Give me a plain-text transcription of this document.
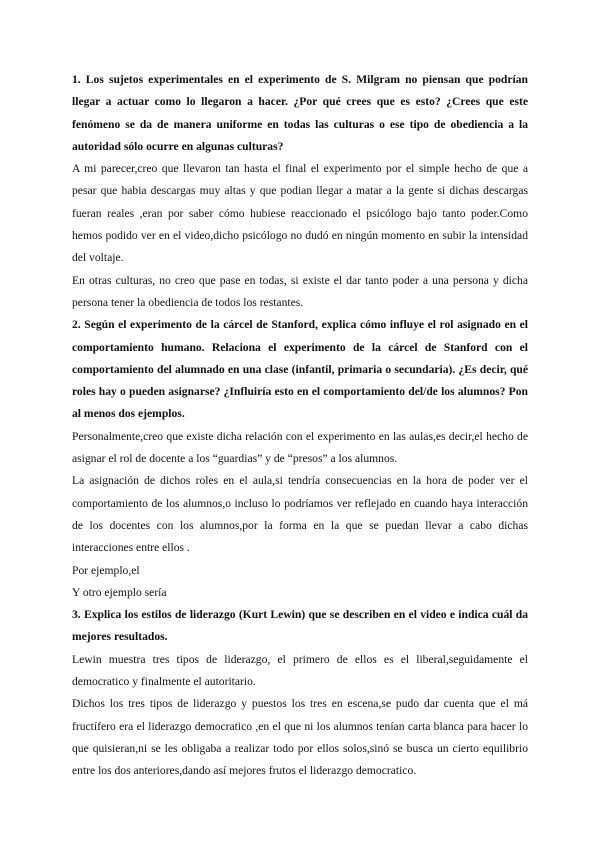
1. Los sujetos experimentales en el experimento de S. Milgram no piensan que podrían llegar a actuar como lo llegaron a hacer. ¿Por qué crees que es esto? ¿Crees que este fenómeno se da de manera uniforme en todas las culturas o ese tipo de obediencia a la autoridad sólo ocurre en algunas culturas?

A mi parecer,creo que llevaron tan hasta el final el experimento por el simple hecho de que a pesar que habia descargas muy altas y que podian llegar a matar a la gente si dichas descargas fueran reales ,eran por saber cómo hubiese reaccionado el psicólogo bajo tanto poder.Como hemos podido ver en el video,dicho psicólogo no dudó en ningún momento en subir la intensidad del voltaje.

En otras culturas, no creo que pase en todas, si existe el dar tanto poder a una persona y dicha persona tener la obediencia de todos los restantes.

2. Según el experimento de la cárcel de Stanford, explica cómo influye el rol asignado en el comportamiento humano. Relaciona el experimento de la cárcel de Stanford con el comportamiento del alumnado en una clase (infantil, primaria o secundaria). ¿Es decir, qué roles hay o pueden asignarse? ¿Influiría esto en el comportamiento del/de los alumnos? Pon al menos dos ejemplos.

Personalmente,creo que existe dicha relación con el experimento en las aulas,es decir,el hecho de asignar el rol de docente a los “guardias” y de “presos” a los alumnos.

La asignación de dichos roles en el aula,si tendría consecuencias en la hora de poder ver el comportamiento de los alumnos,o incluso lo podríamos ver reflejado en cuando haya interacción de los docentes con los alumnos,por la forma en la que se puedan llevar a cabo dichas interacciones entre ellos .

Por ejemplo,el

Y otro ejemplo sería

3. Explica los estilos de liderazgo (Kurt Lewin) que se describen en el video e indica cuál da mejores resultados.

Lewin muestra tres tipos de liderazgo, el primero de ellos es el liberal,seguidamente el democratico y finalmente el autoritario.

Dichos los tres tipos de liderazgo y puestos los tres en escena,se pudo dar cuenta que el má fructífero era el liderazgo democratico ,en el que ni los alumnos tenían carta blanca para hacer lo que quisieran,ni se les obligaba a realizar todo por ellos solos,sinó se busca un cierto equilibrio entre los dos anteriores,dando así mejores frutos el liderazgo democratico.
